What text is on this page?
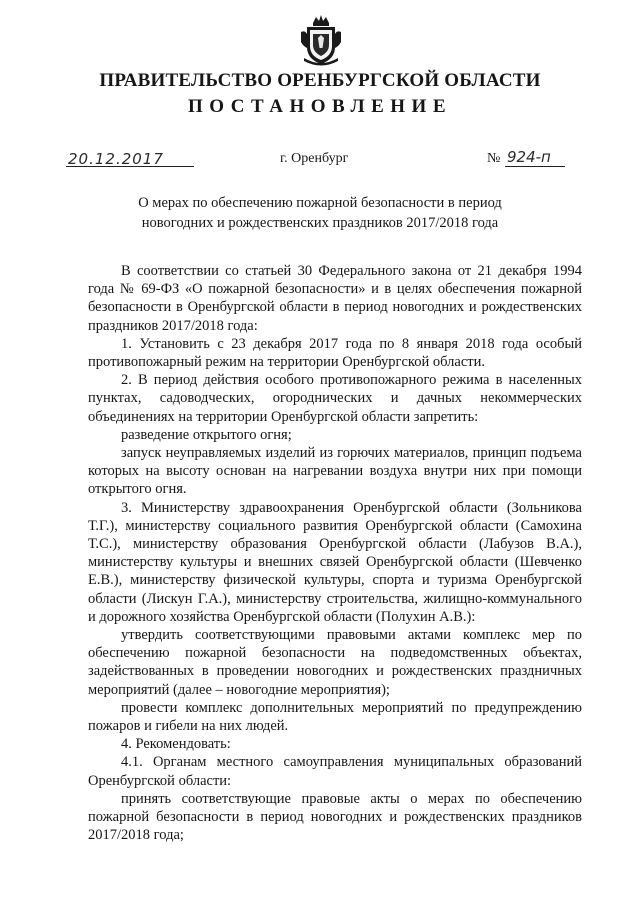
ПРАВИТЕЛЬСТВО ОРЕНБУРГСКОЙ ОБЛАСТИ
ПОСТАНОВЛЕНИЕ
20.12.2017	г. Оренбург	№ 924-п
О мерах по обеспечению пожарной безопасности в период
новогодних и рождественских праздников 2017/2018 года

В соответствии со статьей 30 Федерального закона от 21 декабря 1994 года № 69-ФЗ «О пожарной безопасности» и в целях обеспечения пожарной безопасности в Оренбургской области в период новогодних и рождественских праздников 2017/2018 года:

1. Установить с 23 декабря 2017 года по 8 января 2018 года особый противопожарный режим на территории Оренбургской области.

2. В период действия особого противопожарного режима в населенных пунктах, садоводческих, огороднических и дачных некоммерческих объединениях на территории Оренбургской области запретить:

разведение открытого огня;

запуск неуправляемых изделий из горючих материалов, принцип подъема которых на высоту основан на нагревании воздуха внутри них при помощи открытого огня.

3. Министерству здравоохранения Оренбургской области (Зольникова Т.Г.), министерству социального развития Оренбургской области (Самохина Т.С.), министерству образования Оренбургской области (Лабузов В.А.), министерству культуры и внешних связей Оренбургской области (Шевченко Е.В.), министерству физической культуры, спорта и туризма Оренбургской области (Лискун Г.А.), министерству строительства, жилищно-коммунального и дорожного хозяйства Оренбургской области (Полухин А.В.):

утвердить соответствующими правовыми актами комплекс мер по обеспечению пожарной безопасности на подведомственных объектах, задействованных в проведении новогодних и рождественских праздничных мероприятий (далее – новогодние мероприятия);

провести комплекс дополнительных мероприятий по предупреждению пожаров и гибели на них людей.

4. Рекомендовать:

4.1. Органам местного самоуправления муниципальных образований Оренбургской области:

принять соответствующие правовые акты о мерах по обеспечению пожарной безопасности в период новогодних и рождественских праздников 2017/2018 года;
